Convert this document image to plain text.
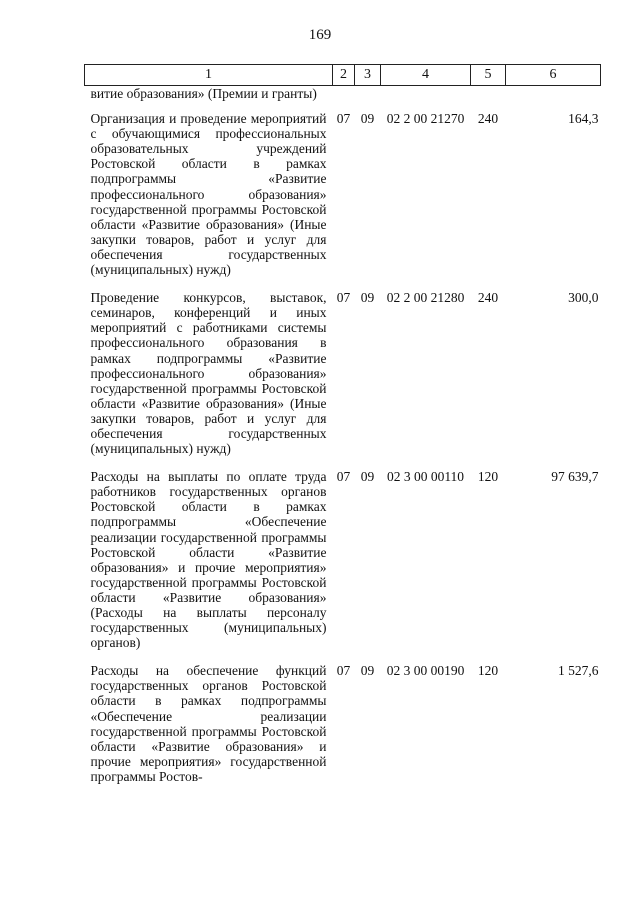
169
1	2	3	4	5	6
витие образования» (Премии и гранты)					
Организация и проведение мероприятий с обучающимися профессиональных образовательных учреждений Ростовской области в рамках подпрограммы «Развитие профессионального образования» государственной программы Ростовской области «Развитие образования» (Иные закупки товаров, работ и услуг для обеспечения государственных (муниципальных) нужд)	07	09	02 2 00 21270	240	164,3
Проведение конкурсов, выставок, семинаров, конференций и иных мероприятий с работниками системы профессионального образования в рамках подпрограммы «Развитие профессионального образования» государственной программы Ростовской области «Развитие образования» (Иные закупки товаров, работ и услуг для обеспечения государственных (муниципальных) нужд)	07	09	02 2 00 21280	240	300,0
Расходы на выплаты по оплате труда работников государственных органов Ростовской области в рамках подпрограммы «Обеспечение реализации государственной программы Ростовской области «Развитие образования» и прочие мероприятия» государственной программы Ростовской области «Развитие образования» (Расходы на выплаты персоналу государственных (муниципальных) органов)	07	09	02 3 00 00110	120	97 639,7
Расходы на обеспечение функций государственных органов Ростовской области в рамках подпрограммы «Обеспечение реализации государственной программы Ростовской области «Развитие образования» и прочие мероприятия» государственной программы Ростов-	07	09	02 3 00 00190	120	1 527,6
